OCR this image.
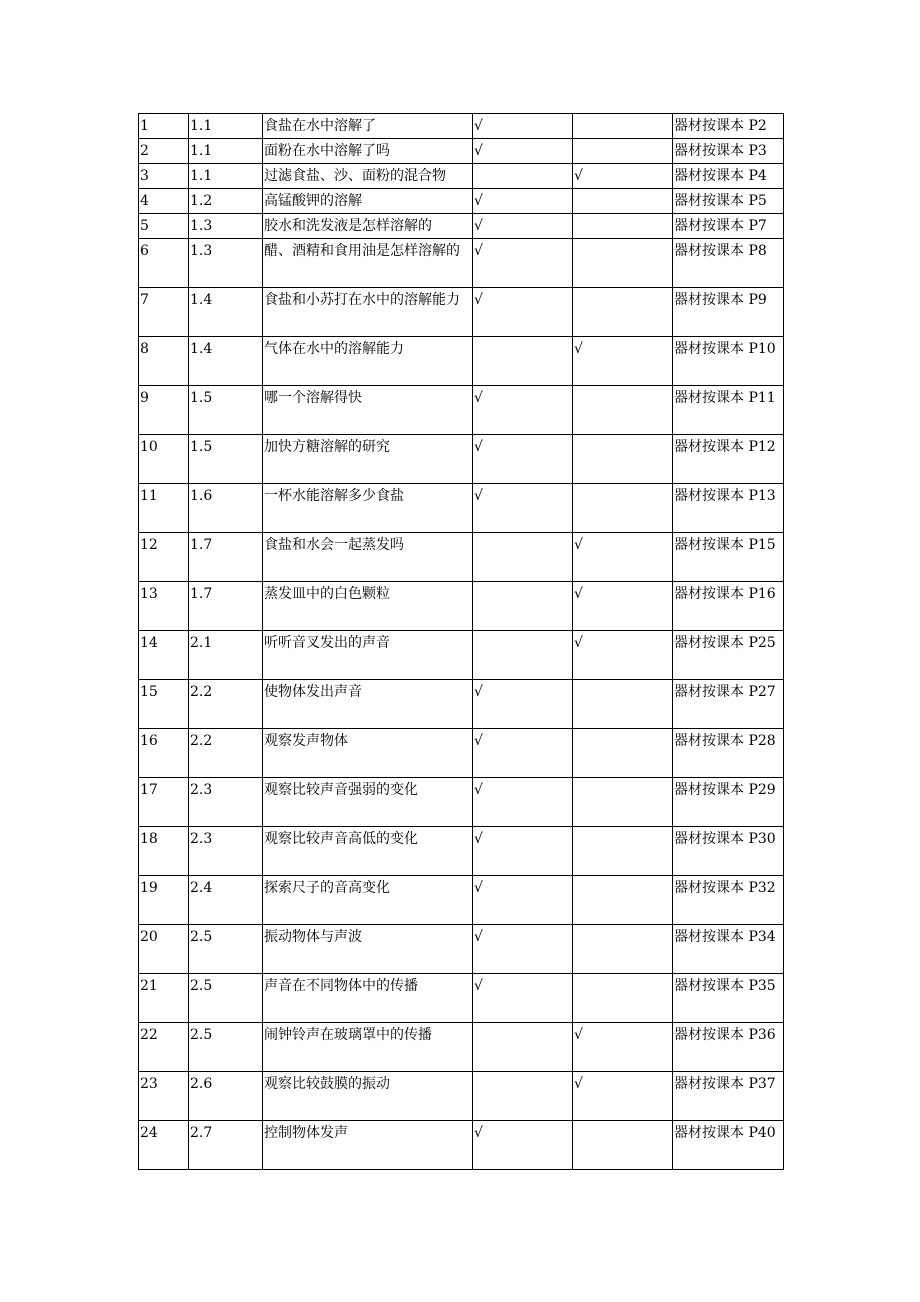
1	1.1	食盐在水中溶解了	√		器材按课本 P2
2	1.1	面粉在水中溶解了吗	√		器材按课本 P3
3	1.1	过滤食盐、沙、面粉的混合物		√	器材按课本 P4
4	1.2	高锰酸钾的溶解	√		器材按课本 P5
5	1.3	胶水和洗发液是怎样溶解的	√		器材按课本 P7
6	1.3	醋、酒精和食用油是怎样溶解的	√		器材按课本 P8
7	1.4	食盐和小苏打在水中的溶解能力	√		器材按课本 P9
8	1.4	气体在水中的溶解能力		√	器材按课本 P10
9	1.5	哪一个溶解得快	√		器材按课本 P11
10	1.5	加快方糖溶解的研究	√		器材按课本 P12
11	1.6	一杯水能溶解多少食盐	√		器材按课本 P13
12	1.7	食盐和水会一起蒸发吗		√	器材按课本 P15
13	1.7	蒸发皿中的白色颗粒		√	器材按课本 P16
14	2.1	听听音叉发出的声音		√	器材按课本 P25
15	2.2	使物体发出声音	√		器材按课本 P27
16	2.2	观察发声物体	√		器材按课本 P28
17	2.3	观察比较声音强弱的变化	√		器材按课本 P29
18	2.3	观察比较声音高低的变化	√		器材按课本 P30
19	2.4	探索尺子的音高变化	√		器材按课本 P32
20	2.5	振动物体与声波	√		器材按课本 P34
21	2.5	声音在不同物体中的传播	√		器材按课本 P35
22	2.5	闹钟铃声在玻璃罩中的传播		√	器材按课本 P36
23	2.6	观察比较鼓膜的振动		√	器材按课本 P37
24	2.7	控制物体发声	√		器材按课本 P40
